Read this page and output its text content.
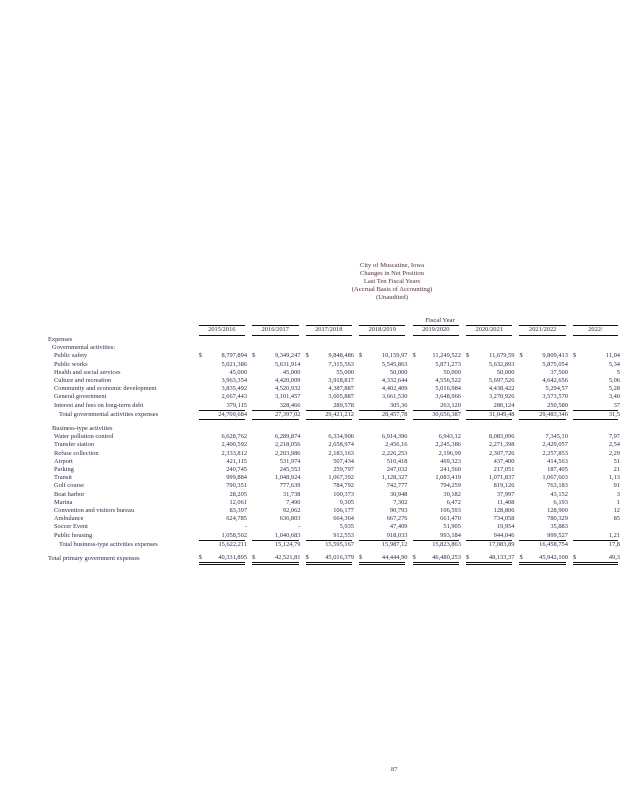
City of Muscatine, Iowa
Changes in Net Position
Last Ten Fiscal Years
(Accrual Basis of Accounting)
(Unaudited)
Fiscal Year
	2015/2016		2016/2017		2017/2018		2018/2019		2019/2020		2020/2021		2021/2022		2022/
Expenses															
Governmental activities:															
Public safety	$ 8,797,894		$ 9,349,247		$ 9,848,486		$ 10,159,97		$ 11,249,522		$ 11,679,59		$ 9,809,413		$ 11,04

Public works	5,021,386		5,631,914		7,315,563		5,545,863		5,871,273		5,632,893		5,875,054		5,34

Health and social services	45,000		45,000		55,000		50,000		50,000		50,000		37,500		5

Culture and recreation	3,963,354		4,420,009		3,918,817		4,332,644		4,556,522		5,697,526		4,642,656		5,06

Community and economic development	3,835,492		4,520,932		4,387,887		4,402,409		5,016,984		4,438,422		5,294,57		5,28

General government	2,667,443		3,101,457		3,605,887		3,661,530		3,648,966		3,270,926		3,573,570		3,40

Interest and fees on long-term debt	379,115		328,466		289,578		305,36		263,120		280,124		250,580		37

Total governmental activities expenses	24,709,684		27,397,02		29,421,212		28,457,78		30,656,387		31,049,48		29,483,346		31,5

Business-type activities															
Water pollution control	6,628,762		6,289,874		6,334,906		6,914,396		6,943,12		8,083,096		7,345,10		7,97

Transfer station	2,400,592		2,218,056		2,658,974		2,456,16		2,245,386		2,271,398		2,429,057		2,54

Refuse collection	2,333,812		2,203,986		2,183,163		2,226,253		2,196,99		2,307,726		2,257,853		2,29

Airport	421,115		531,974		507,434		510,418		469,323		437,400		414,563		51

Parking	240,745		245,553		259,797		247,032		241,560		217,051		187,405		21

Transit	999,884		1,048,924		1,067,392		1,128,327		1,083,419		1,071,837		1,067,603		1,13

Golf course	790,351		777,639		784,792		742,777		794,259		819,126		763,183		91

Boat harbor	28,205		31,738		100,373		30,948		30,182		37,997		43,152		3

Marina	12,061		7,490		9,305		7,302		6,472		11,408		6,193		1

Convention and visitors bureau	83,397		92,062		106,177		90,793		106,593		128,806		128,900		12

Ambulance	624,785		636,803		664,364		667,276		661,470		734,058		780,329		85

Soccer Event	-		-		5,935		47,409		51,905		19,954		35,883		

Public housing	1,058,502		1,040,683		912,553		918,033		993,184		944,046		999,527		1,21

Total business-type activities expenses	15,622,211		15,124,79		15,595,167		15,987,12		15,823,863		17,083,89		16,458,754		17,8

Total primary government expenses	$ 40,331,895		$ 42,521,81		$ 45,016,379		$ 44,444,90		$ 46,480,253		$ 48,133,37		$ 45,942,100		$ 49,3
87
